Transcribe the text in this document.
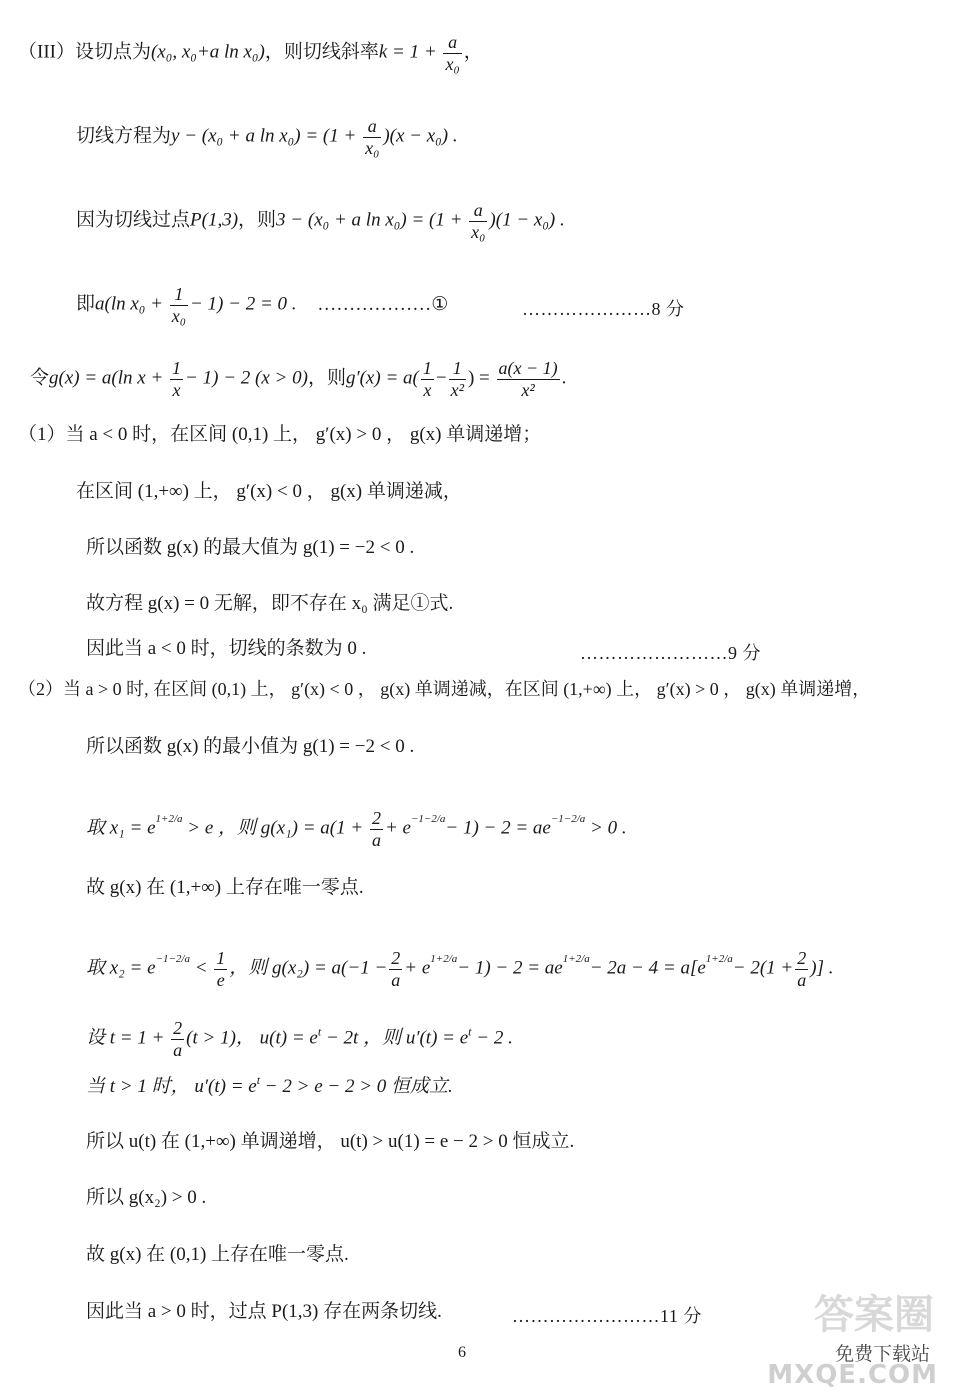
（III）设切点为(x₀, x₀+a ln x₀)，则切线斜率$k = 1 + \frac{a}{\text{x₀}}$ ，
切线方程为y − (x₀ + a $\ln x_0) = (1 + \frac{a}{\text{x₀}} )(x - x_0)$ .
因为切线过点P(1,3)，则3 − (x₀ + a $\ln x_0) = (1 + \frac{a}{\text{x₀}} )(1 - x_0)$ .
即a(ln $x_0 + \frac{1}{\text{x₀}} - 1) - 2 = 0$ . ………………①	…………………8 分
令g(x) = a(ln $x + \frac{1}{x} - 1) - 2$ (x > 0)，则$g'(x) = a( \frac{1}{x} - \frac{1}{\text{x²}}$ ) = $\frac{a(x - 1)}{\text{x²}}$ .
（1）当 a < 0 时，在区间 (0,1) 上， g′(x) > 0 ， g(x) 单调递增；
在区间 (1,+∞) 上， g′(x) < 0 ， g(x) 单调递减，
所以函数 g(x) 的最大值为 g(1) = −2 < 0 .
故方程 g(x) = 0 无解，即不存在 x₀ 满足①式.
因此当 a < 0 时，切线的条数为 0 .	……………………9 分
（2）当 a > 0 时, 在区间 (0,1) 上， g′(x) < 0 ， g(x) 单调递减，在区间 (1,+∞) 上， g′(x) > 0 ， g(x) 单调递增，
所以函数 g(x) 的最小值为 g(1) = −2 < 0 .
取 x₁ = e1+2/a > e ，则 $g(x_1) = a(1 + \frac{2}{a} + e-1-2/a- 1) - 2 = ae-1-2/a > 0$ .
故 g(x) 在 (1,+∞) 上存在唯一零点.
取 $x_2 = e-1-2/a < \frac{1}{e}$ ，则 $g(x_2) = a(-1 - \frac{2}{a} + e1+2/a- 1) - 2 = ae1+2/a- 2a - 4 = a[e1+2/a- 2(1 + \frac{2}{a}$ )] .
设 $t = 1 + \frac{2}{a} (t > 1)$， $u(t) = e^t - 2t$ ，则 $u'(t) = e^t - 2$ .
当 t > 1 时， $u'(t) = e^t - 2 > e - 2 > 0$ 恒成立.
所以 u(t) 在 (1,+∞) 单调递增， u(t) > u(1) = e − 2 > 0 恒成立.
所以 g(x₂) > 0 .
故 g(x) 在 (0,1) 上存在唯一零点.
因此当 a > 0 时，过点 P(1,3) 存在两条切线.	……………………11 分
6
答案圈
免费下载站
MXQE.COM
